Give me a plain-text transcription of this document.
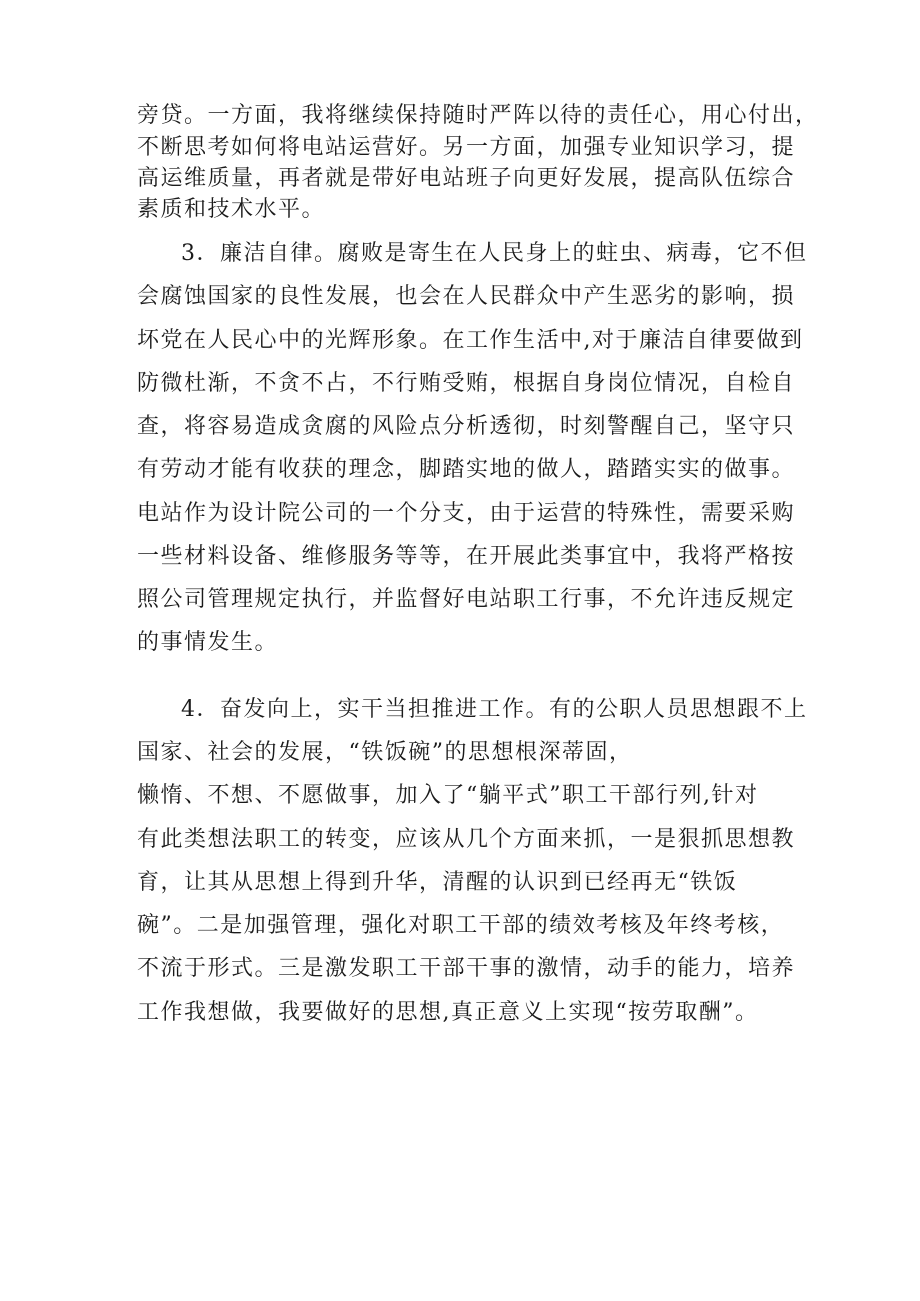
旁贷。一方面，我将继续保持随时严阵以待的责任心，用心付出，
不断思考如何将电站运营好。另一方面，加强专业知识学习，提
高运维质量，再者就是带好电站班子向更好发展，提高队伍综合
素质和技术水平。
3．廉洁自律。腐败是寄生在人民身上的蛀虫、病毒，它不但
会腐蚀国家的良性发展，也会在人民群众中产生恶劣的影响，损
坏党在人民心中的光辉形象。在工作生活中,对于廉洁自律要做到
防微杜渐，不贪不占，不行贿受贿，根据自身岗位情况，自检自
查，将容易造成贪腐的风险点分析透彻，时刻警醒自己，坚守只
有劳动才能有收获的理念，脚踏实地的做人，踏踏实实的做事。
电站作为设计院公司的一个分支，由于运营的特殊性，需要采购
一些材料设备、维修服务等等，在开展此类事宜中，我将严格按
照公司管理规定执行，并监督好电站职工行事，不允许违反规定
的事情发生。
4．奋发向上，实干当担推进工作。有的公职人员思想跟不上
国家、社会的发展，“铁饭碗”的思想根深蒂固，
懒惰、不想、不愿做事，加入了“躺平式”职工干部行列,针对
有此类想法职工的转变，应该从几个方面来抓，一是狠抓思想教
育，让其从思想上得到升华，清醒的认识到已经再无“铁饭
碗”。二是加强管理，强化对职工干部的绩效考核及年终考核，
不流于形式。三是激发职工干部干事的激情，动手的能力，培养
工作我想做，我要做好的思想,真正意义上实现“按劳取酬”。
